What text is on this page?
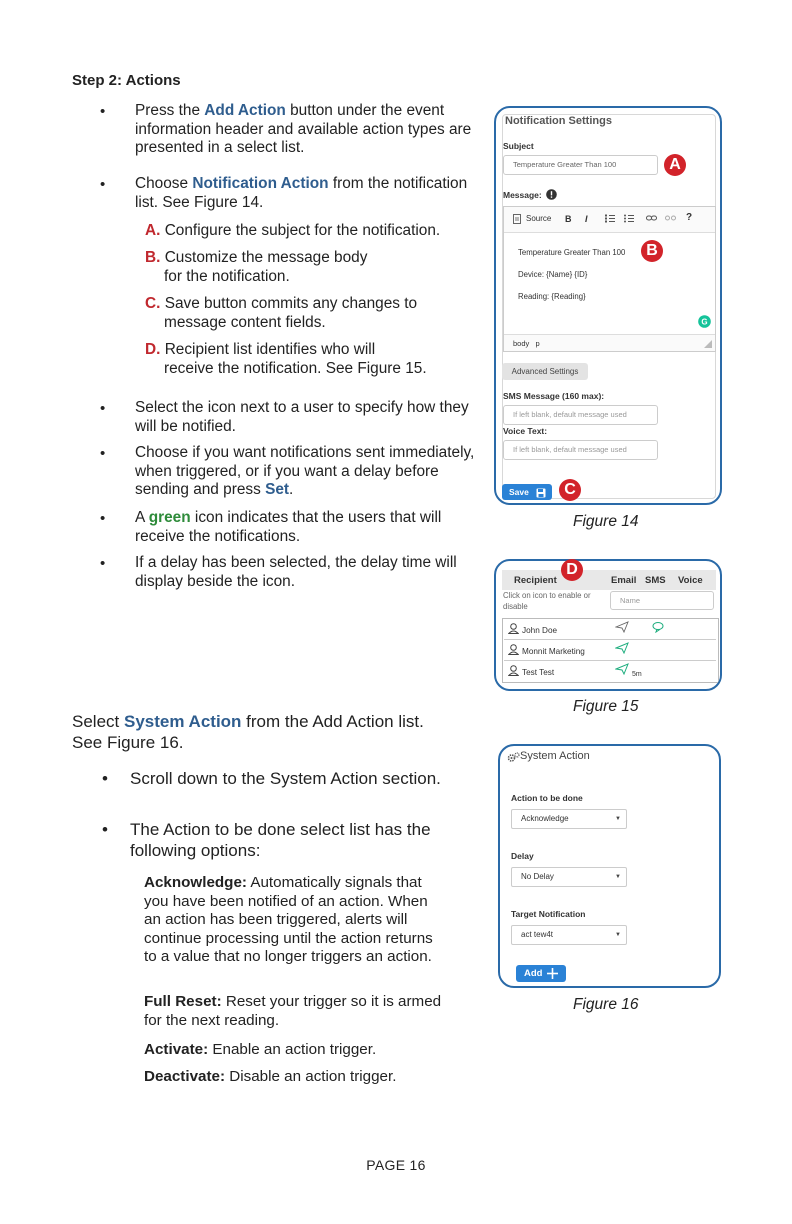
Step 2: Actions
• Press the Add Action button under the event information header and available action types are presented in a select list.
• Choose Notification Action from the notification list. See Figure 14.
A. Configure the subject for the notification.
B. Customize the message body
for the notification.
C. Save button commits any changes to
message content fields.
D. Recipient list identifies who will
receive the notification. See Figure 15.
• Select the icon next to a user to specify how they will be notified.
• Choose if you want notifications sent immediately, when triggered, or if you want a delay before sending and press Set.
• A green icon indicates that the users that will receive the notifications.
• If a delay has been selected, the delay time will display beside the icon.
Select System Action from the Add Action list.
See Figure 16.
• Scroll down to the System Action section.
• The Action to be done select list has the following options:
Acknowledge: Automatically signals that you have been notified of an action. When an action has been triggered, alerts will continue processing until the action returns to a value that no longer triggers an action.
Full Reset: Reset your trigger so it is armed for the next reading.
Activate: Enable an action trigger.
Deactivate: Disable an action trigger.
PAGE 16
Notification Settings
Subject
Temperature Greater Than 100	A
Message:
Source B I	?
Temperature Greater Than 100
Device: {Name} {ID}
Reading: {Reading}
G
body   p
B
Advanced Settings
SMS Message (160 max):
If left blank, default message used
Voice Text:
If left blank, default message used
Save	C
Figure 14
Recipient	Email SMS Voice
Click on icon to enable or disable
Name
John Doe
Monnit Marketing
Test Test	5m
D
Figure 15
System Action
Action to be done
Acknowledge	▼
Delay
No Delay	▼
Target Notification
act tew4t	▼
Add
Figure 16
